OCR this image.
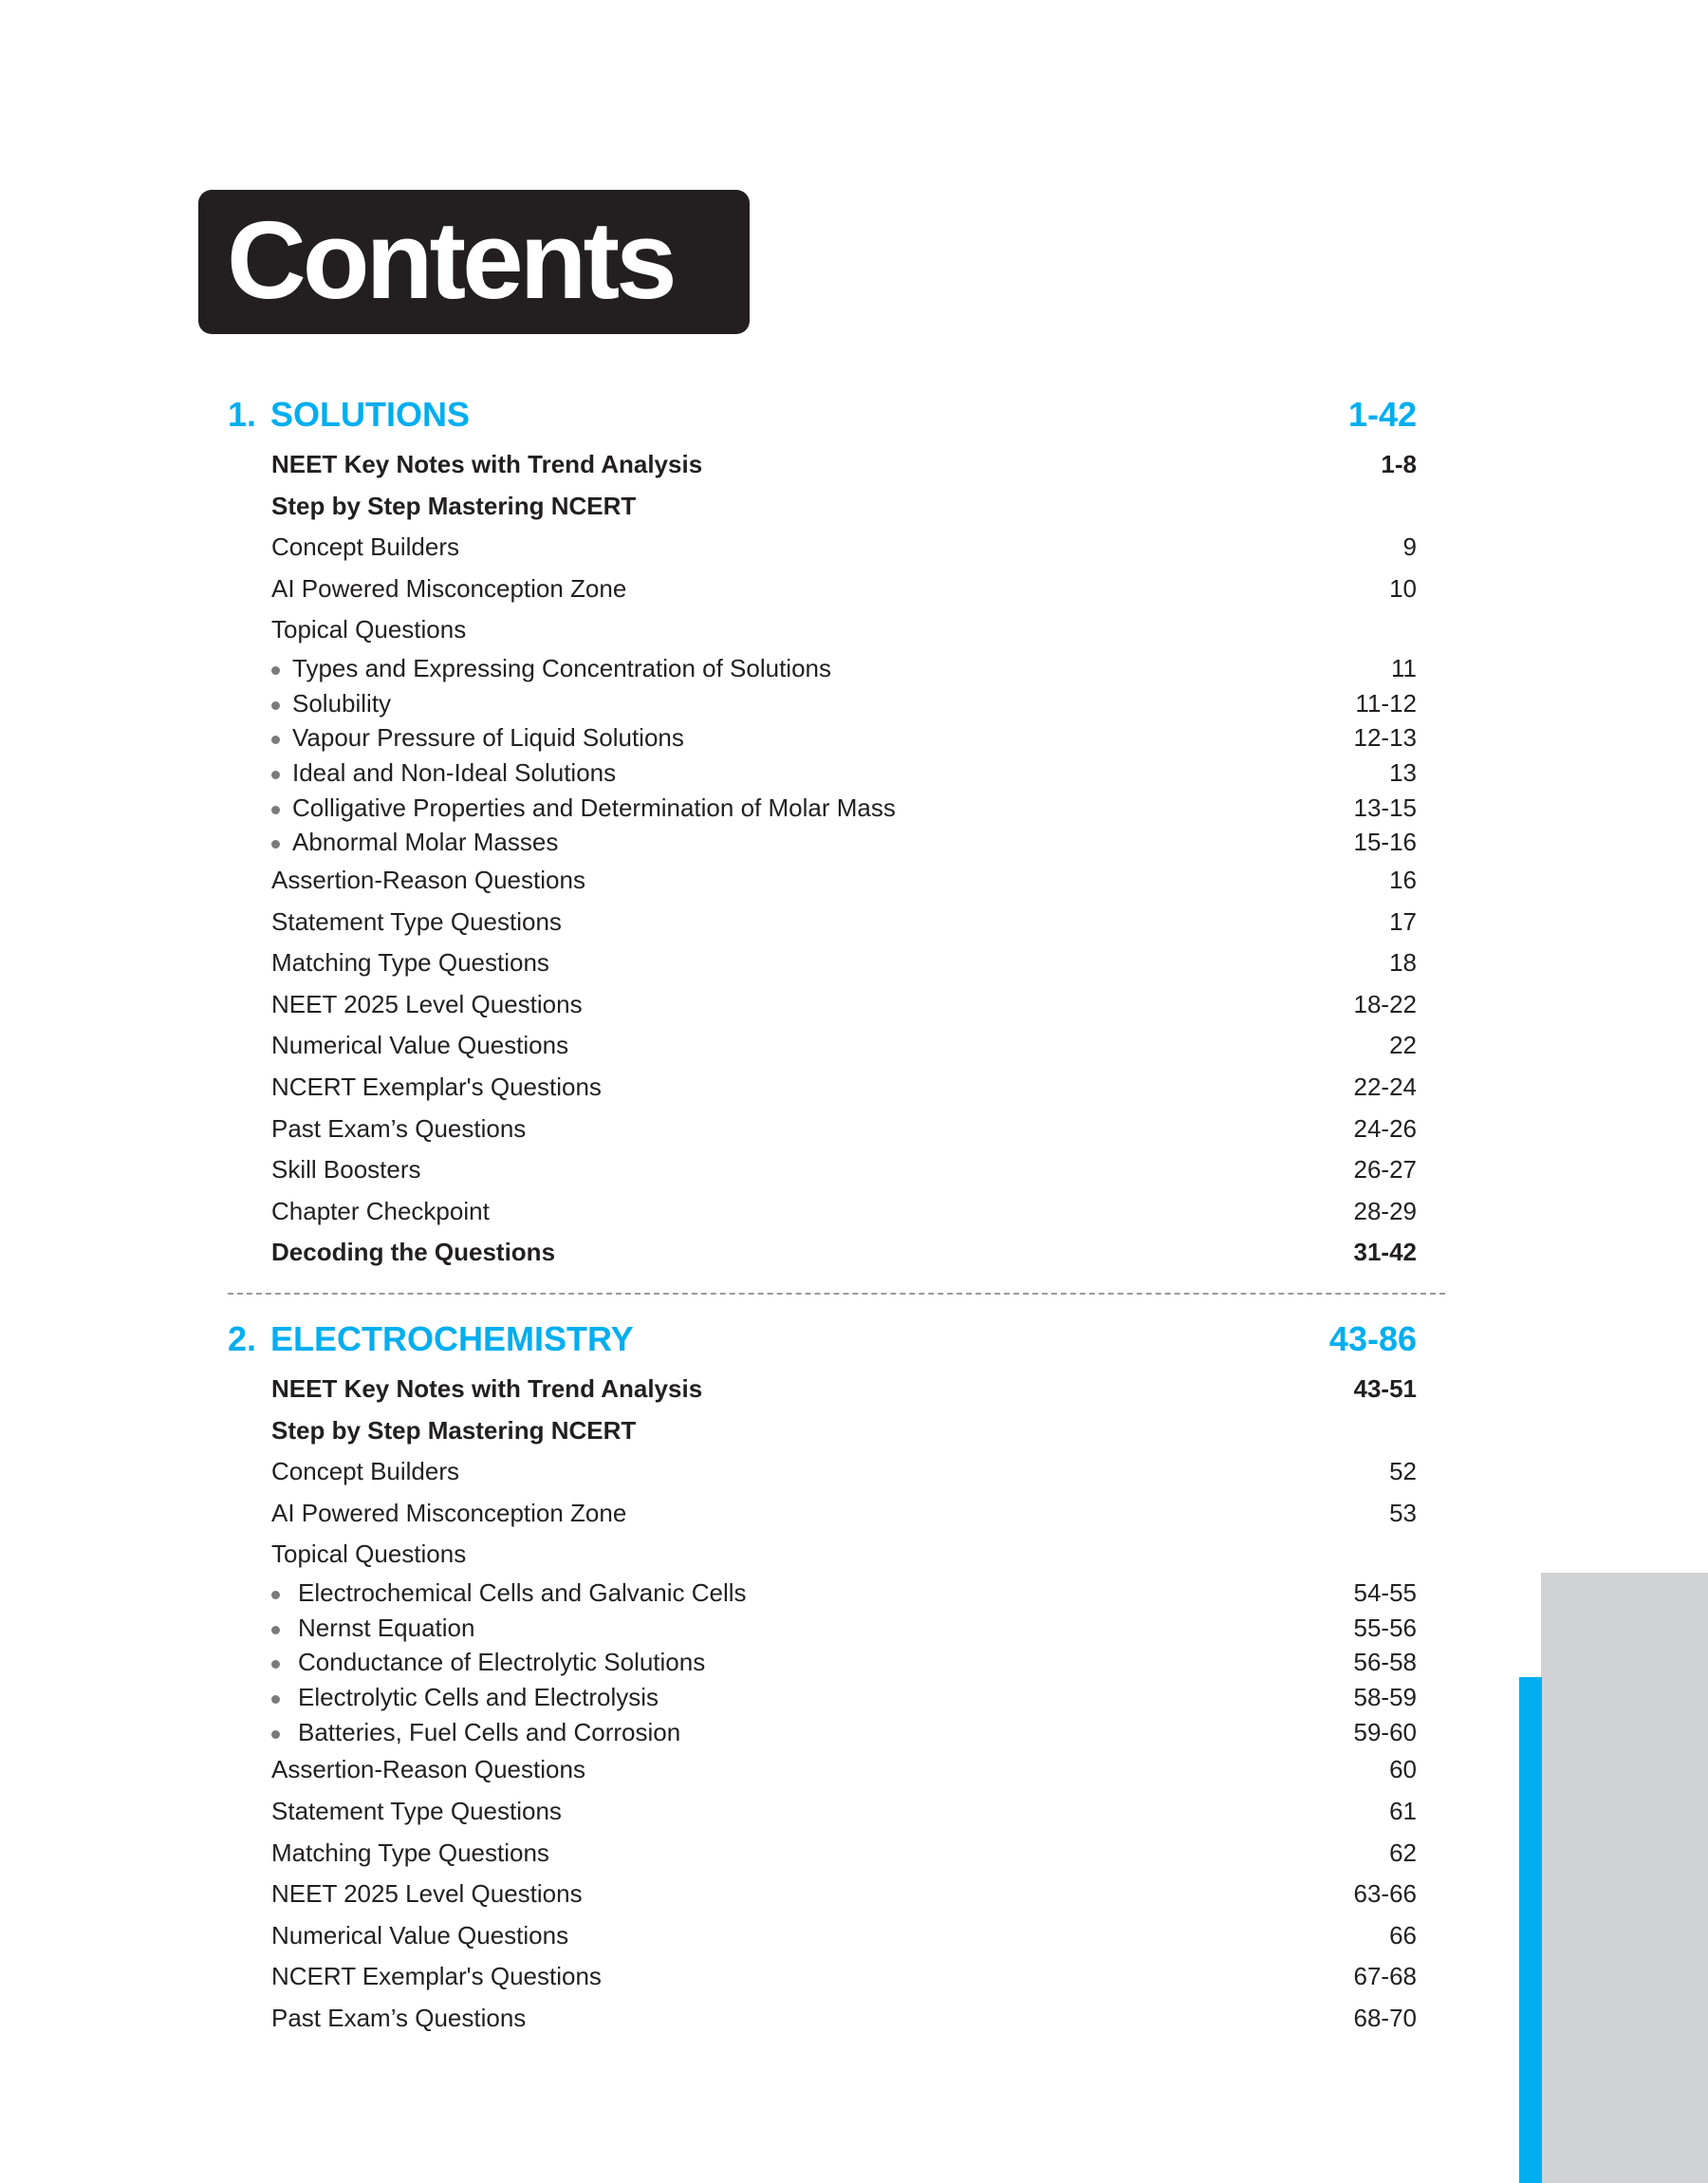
Contents
1. SOLUTIONS	1-42
NEET Key Notes with Trend Analysis	1-8
Step by Step Mastering NCERT
Concept Builders	9
AI Powered Misconception Zone	10
Topical Questions
Types and Expressing Concentration of Solutions	11
Solubility	11-12
Vapour Pressure of Liquid Solutions	12-13
Ideal and Non-Ideal Solutions	13
Colligative Properties and Determination of Molar Mass	13-15
Abnormal Molar Masses	15-16
Assertion-Reason Questions	16
Statement Type Questions	17
Matching Type Questions	18
NEET 2025 Level Questions	18-22
Numerical Value Questions	22
NCERT Exemplar's Questions	22-24
Past Exam’s Questions	24-26
Skill Boosters	26-27
Chapter Checkpoint	28-29
Decoding the Questions	31-42
2. ELECTROCHEMISTRY	43-86
NEET Key Notes with Trend Analysis	43-51
Step by Step Mastering NCERT
Concept Builders	52
AI Powered Misconception Zone	53
Topical Questions
Electrochemical Cells and Galvanic Cells	54-55
Nernst Equation	55-56
Conductance of Electrolytic Solutions	56-58
Electrolytic Cells and Electrolysis	58-59
Batteries, Fuel Cells and Corrosion	59-60
Assertion-Reason Questions	60
Statement Type Questions	61
Matching Type Questions	62
NEET 2025 Level Questions	63-66
Numerical Value Questions	66
NCERT Exemplar's Questions	67-68
Past Exam’s Questions	68-70
